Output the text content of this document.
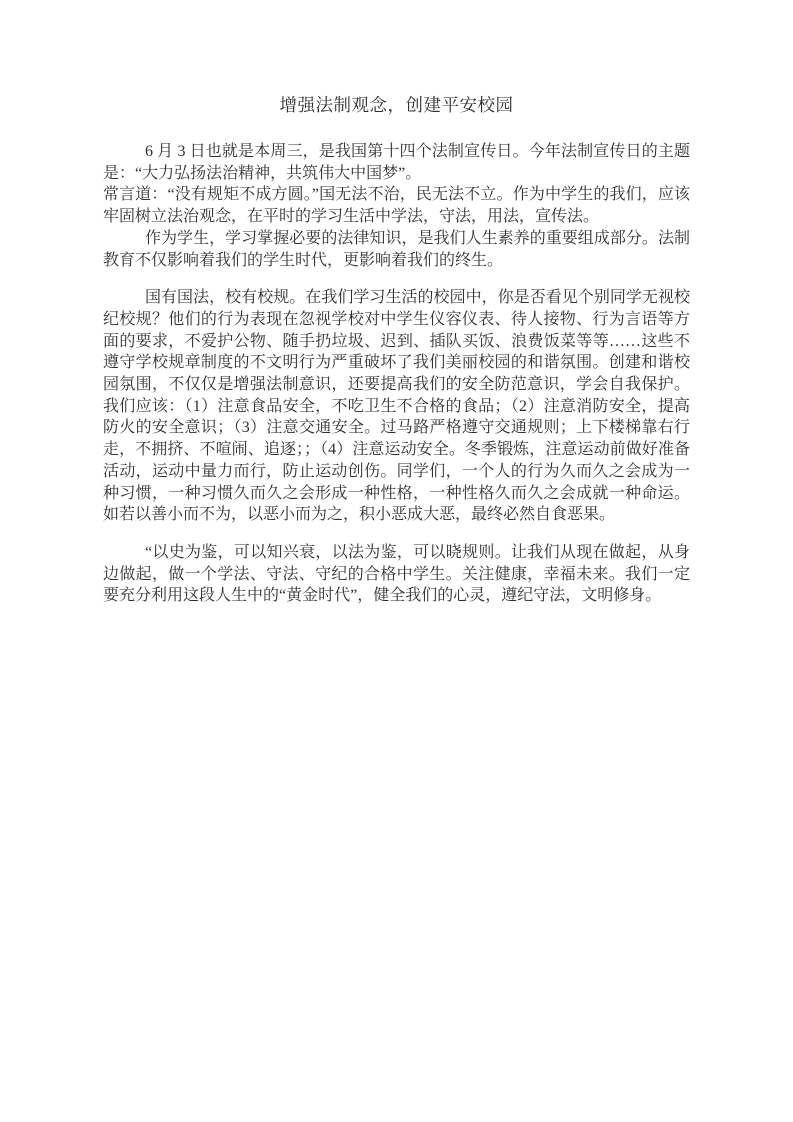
增强法制观念，创建平安校园

6 月 3 日也就是本周三，是我国第十四个法制宣传日。今年法制宣传日的主题是：“大力弘扬法治精神，共筑伟大中国梦”。

常言道：“没有规矩不成方圆。”国无法不治，民无法不立。作为中学生的我们，应该牢固树立法治观念，在平时的学习生活中学法，守法，用法，宣传法。

作为学生，学习掌握必要的法律知识，是我们人生素养的重要组成部分。法制教育不仅影响着我们的学生时代，更影响着我们的终生。

国有国法，校有校规。在我们学习生活的校园中，你是否看见个别同学无视校纪校规？他们的行为表现在忽视学校对中学生仪容仪表、待人接物、行为言语等方面的要求，不爱护公物、随手扔垃圾、迟到、插队买饭、浪费饭菜等等……这些不遵守学校规章制度的不文明行为严重破坏了我们美丽校园的和谐氛围。创建和谐校园氛围，不仅仅是增强法制意识，还要提高我们的安全防范意识，学会自我保护。我们应该：（1）注意食品安全，不吃卫生不合格的食品；（2）注意消防安全，提高防火的安全意识；（3）注意交通安全。过马路严格遵守交通规则；上下楼梯靠右行走，不拥挤、不喧闹、追逐；；（4）注意运动安全。冬季锻炼，注意运动前做好准备活动，运动中量力而行，防止运动创伤。同学们，一个人的行为久而久之会成为一种习惯，一种习惯久而久之会形成一种性格，一种性格久而久之会成就一种命运。如若以善小而不为，以恶小而为之，积小恶成大恶，最终必然自食恶果。

“以史为鉴，可以知兴衰，以法为鉴，可以晓规则。让我们从现在做起，从身边做起，做一个学法、守法、守纪的合格中学生。关注健康，幸福未来。我们一定要充分利用这段人生中的“黄金时代”，健全我们的心灵，遵纪守法，文明修身。
